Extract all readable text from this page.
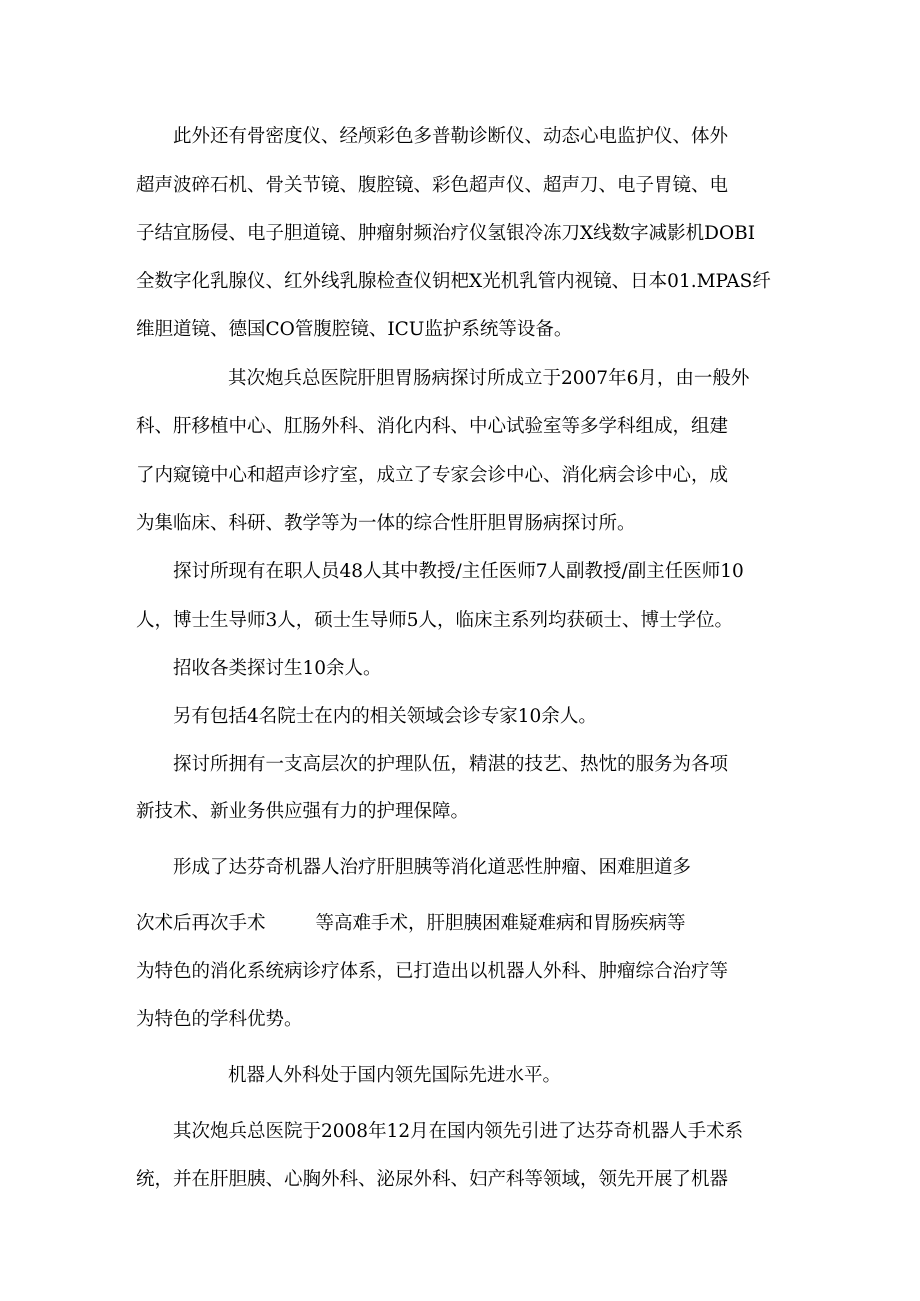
此外还有骨密度仪、经颅彩色多普勒诊断仪、动态心电监护仪、体外
超声波碎石机、骨关节镜、腹腔镜、彩色超声仪、超声刀、电子胃镜、电
子结宜肠侵、电子胆道镜、肿瘤射频治疗仪氢银冷冻刀X线数字减影机DOBI
全数字化乳腺仪、红外线乳腺检查仪钥杷X光机乳管内视镜、日本01.MPAS纤
维胆道镜、德国CO管腹腔镜、ICU监护系统等设备。
其次炮兵总医院肝胆胃肠病探讨所成立于2007年6月，由一般外
科、肝移植中心、肛肠外科、消化内科、中心试验室等多学科组成，组建
了内窥镜中心和超声诊疗室，成立了专家会诊中心、消化病会诊中心，成
为集临床、科研、教学等为一体的综合性肝胆胃肠病探讨所。
探讨所现有在职人员48人其中教授/主任医师7人副教授/副主任医师10
人，博士生导师3人，硕士生导师5人，临床主系列均获硕士、博士学位。
招收各类探讨生10余人。
另有包括4名院士在内的相关领域会诊专家10余人。
探讨所拥有一支高层次的护理队伍，精湛的技艺、热忱的服务为各项
新技术、新业务供应强有力的护理保障。
形成了达芬奇机器人治疗肝胆胰等消化道恶性肿瘤、困难胆道多
次术后再次手术	等高难手术，肝胆胰困难疑难病和胃肠疾病等
为特色的消化系统病诊疗体系，已打造出以机器人外科、肿瘤综合治疗等
为特色的学科优势。
机器人外科处于国内领先国际先进水平。
其次炮兵总医院于2008年12月在国内领先引进了达芬奇机器人手术系
统，并在肝胆胰、心胸外科、泌尿外科、妇产科等领域，领先开展了机器
